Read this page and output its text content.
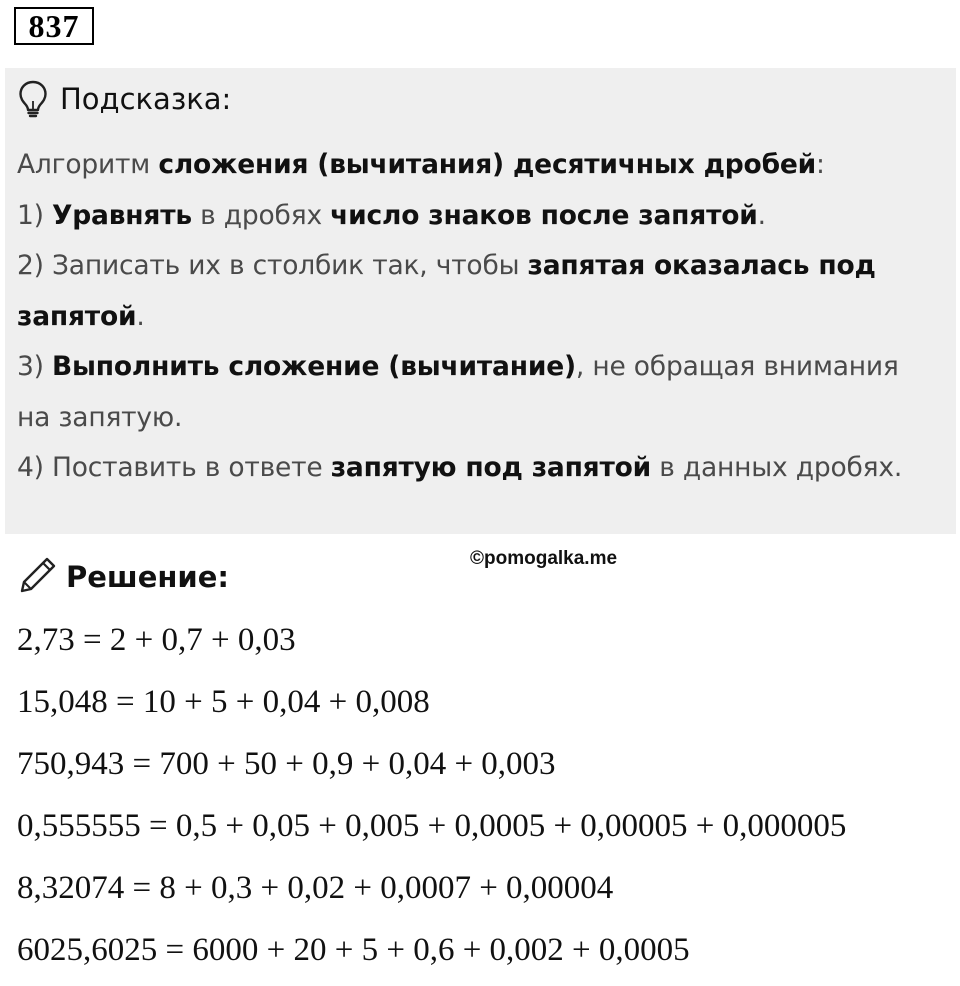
837
Подсказка:
Алгоритм сложения (вычитания) десятичных дробей:
1) Уравнять в дробях число знаков после запятой.
2) Записать их в столбик так, чтобы запятая оказалась под
запятой.
3) Выполнить сложение (вычитание), не обращая внимания
на запятую.
4) Поставить в ответе запятую под запятой в данных дробях.
©pomogalka.me
Решение:
2,73 = 2 + 0,7 + 0,03
15,048 = 10 + 5 + 0,04 + 0,008
750,943 = 700 + 50 + 0,9 + 0,04 + 0,003
0,555555 = 0,5 + 0,05 + 0,005 + 0,0005 + 0,00005 + 0,000005
8,32074 = 8 + 0,3 + 0,02 + 0,0007 + 0,00004
6025,6025 = 6000 + 20 + 5 + 0,6 + 0,002 + 0,0005
